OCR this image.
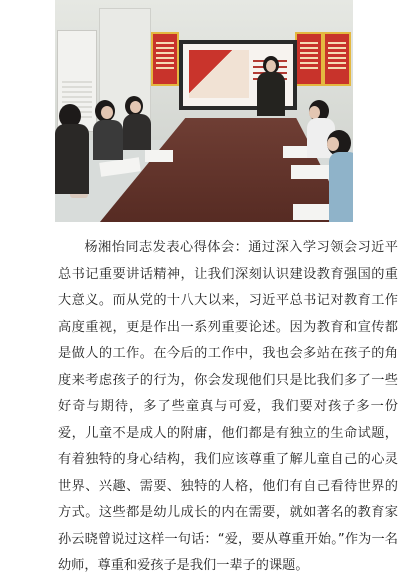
杨湘怡同志发表心得体会：通过深入学习领会习近平总书记重要讲话精神，让我们深刻认识建设教育强国的重大意义。而从党的十八大以来，习近平总书记对教育工作高度重视，更是作出一系列重要论述。因为教育和宣传都是做人的工作。在今后的工作中，我也会多站在孩子的角度来考虑孩子的行为，你会发现他们只是比我们多了一些好奇与期待，多了些童真与可爱，我们要对孩子多一份爱，儿童不是成人的附庸，他们都是有独立的生命试题，有着独特的身心结构，我们应该尊重了解儿童自己的心灵世界、兴趣、需要、独特的人格，他们有自己看待世界的方式。这些都是幼儿成长的内在需要，就如著名的教育家孙云晓曾说过这样一句话：“爱，要从尊重开始。”作为一名幼师，尊重和爱孩子是我们一辈子的课题。
